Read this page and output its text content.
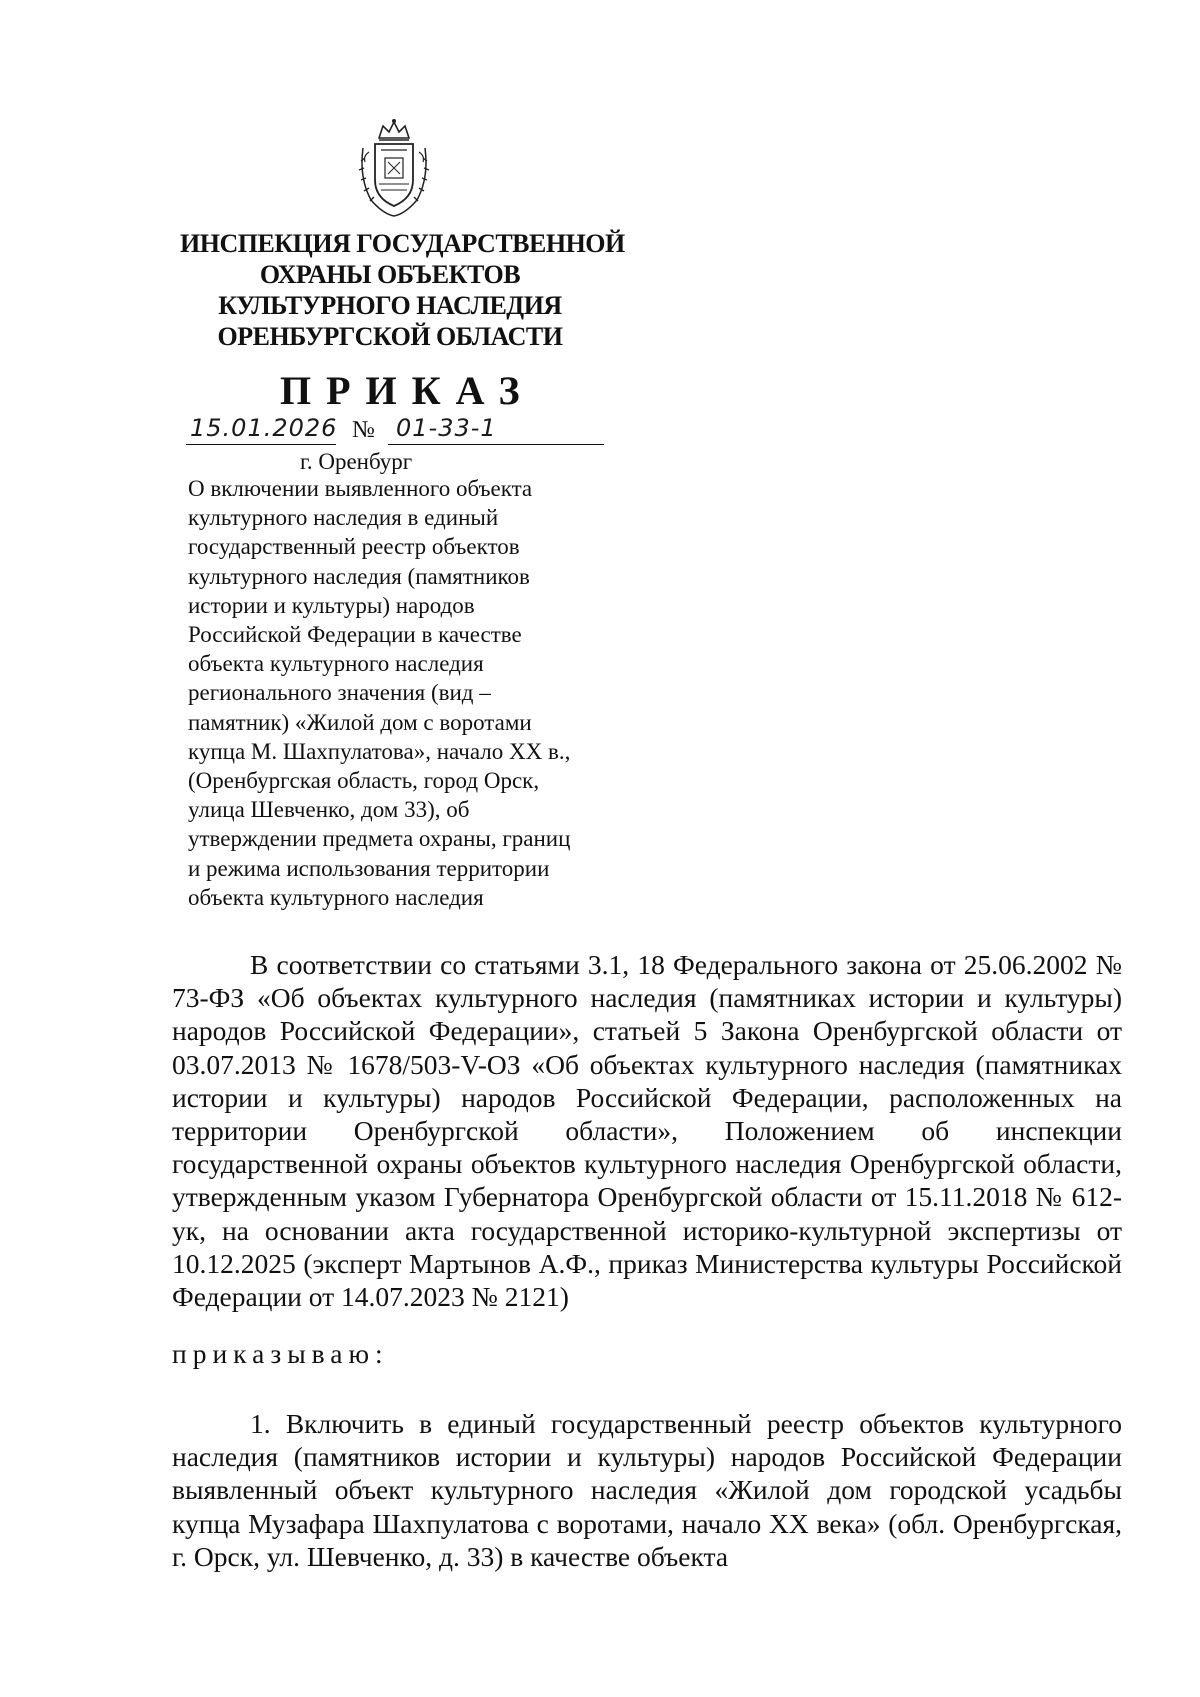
ИНСПЕКЦИЯ ГОСУДАРСТВЕННОЙ
ОХРАНЫ ОБЪЕКТОВ
КУЛЬТУРНОГО НАСЛЕДИЯ
ОРЕНБУРГСКОЙ ОБЛАСТИ
ПРИКАЗ
15.01.2026 № 01-33-1
г. Оренбург
О включении выявленного объекта
культурного наследия в единый
государственный реестр объектов
культурного наследия (памятников
истории и культуры) народов
Российской Федерации в качестве
объекта культурного наследия
регионального значения (вид –
памятник) «Жилой дом с воротами
купца М. Шахпулатова», начало XX в.,
(Оренбургская область, город Орск,
улица Шевченко, дом 33), об
утверждении предмета охраны, границ
и режима использования территории
объекта культурного наследия

В соответствии со статьями 3.1, 18 Федерального закона от 25.06.2002 № 73-ФЗ «Об объектах культурного наследия (памятниках истории и культуры) народов Российской Федерации», статьей 5 Закона Оренбургской области от 03.07.2013 № 1678/503-V-ОЗ «Об объектах культурного наследия (памятниках истории и культуры) народов Российской Федерации, расположенных на территории Оренбургской области», Положением об инспекции государственной охраны объектов культурного наследия Оренбургской области, утвержденным указом Губернатора Оренбургской области от 15.11.2018 № 612-ук, на основании акта государственной историко-культурной экспертизы от 10.12.2025 (эксперт Мартынов А.Ф., приказ Министерства культуры Российской Федерации от 14.07.2023 № 2121)

приказываю:

1. Включить в единый государственный реестр объектов культурного наследия (памятников истории и культуры) народов Российской Федерации выявленный объект культурного наследия «Жилой дом городской усадьбы купца Музафара Шахпулатова с воротами, начало XX века» (обл. Оренбургская, г. Орск, ул. Шевченко, д. 33) в качестве объекта
